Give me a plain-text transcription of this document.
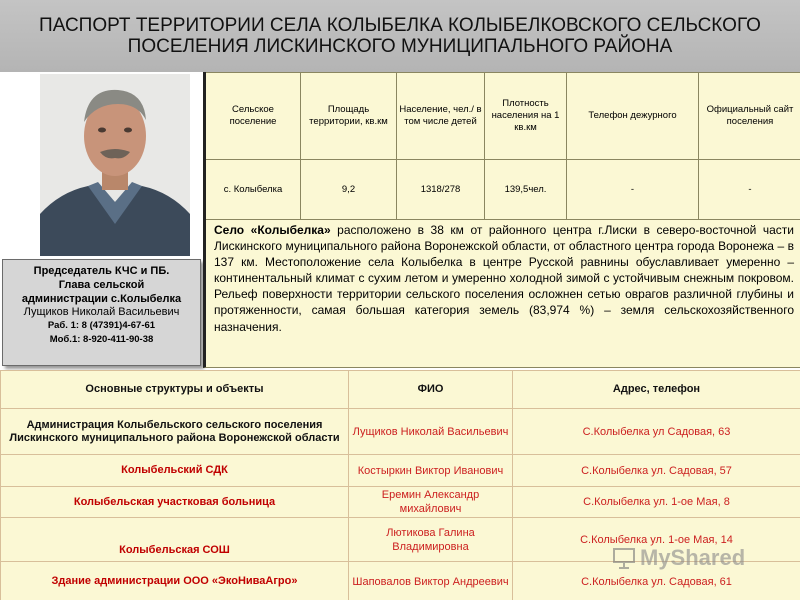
ПАСПОРТ ТЕРРИТОРИИ СЕЛА КОЛЫБЕЛКА КОЛЫБЕЛКОВСКОГО СЕЛЬСКОГО
ПОСЕЛЕНИЯ ЛИСКИНСКОГО МУНИЦИПАЛЬНОГО РАЙОНА
Председатель КЧС и ПБ.
Глава сельской
администрации с.Колыбелка
Лущиков Николай Васильевич
Раб. 1: 8 (47391)4-67-61
Моб.1: 8-920-411-90-38
Сельское поселение	Площадь территории, кв.км	Население, чел./ в том числе детей	Плотность населения на 1 кв.км	Телефон дежурного	Официальный сайт поселения
с. Колыбелка	9,2	1318/278	139,5чел.	-	-
Село «Колыбелка» расположено в 38 км от районного центра г.Лиски в северо-восточной части Лискинского муниципального района Воронежской области, от областного центра города Воронежа – в 137 км. Местоположение села Колыбелка в центре Русской равнины обуславливает умеренно – континентальный климат с сухим летом и умеренно холодной зимой с устойчивым снежным покровом. Рельеф поверхности территории сельского поселения осложнен сетью оврагов различной глубины и протяженности, самая большая категория земель (83,974 %) – земля сельскохозяйственного назначения.
Основные структуры и объекты	ФИО	Адрес, телефон
Администрация Колыбельского сельского поселения Лискинского муниципального района Воронежской области	Лущиков Николай Васильевич	С.Колыбелка ул Садовая, 63
Колыбельский СДК	Костыркин Виктор Иванович	С.Колыбелка ул. Садовая, 57
Колыбельская участковая больница	Еремин Александр михайлович	С.Колыбелка ул. 1-ое Мая, 8
Колыбельская СОШ	Лютикова Галина Владимировна	С.Колыбелка ул. 1-ое Мая, 14
Здание администрации ООО «ЭкоНиваАгро»	Шаповалов Виктор Андреевич	С.Колыбелка ул. Садовая, 61
MyShared
